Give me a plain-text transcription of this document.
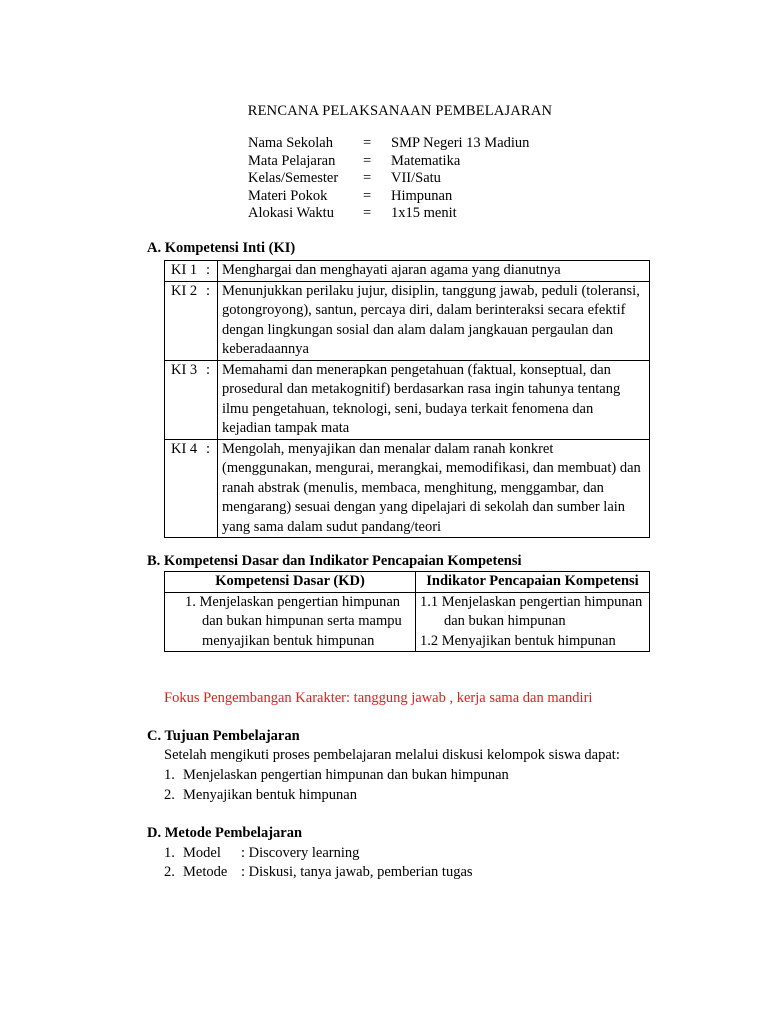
RENCANA PELAKSANAAN PEMBELAJARAN
Nama Sekolah	=	SMP Negeri 13 Madiun
Mata Pelajaran	=	Matematika
Kelas/Semester	=	VII/Satu
Materi Pokok	=	Himpunan
Alokasi Waktu	=	1x15 menit
A. Kompetensi Inti (KI)
KI 1	:	Menghargai dan menghayati ajaran agama yang dianutnya
KI 2	:	Menunjukkan perilaku jujur, disiplin, tanggung jawab, peduli (toleransi, gotongroyong), santun, percaya diri, dalam berinteraksi secara efektif dengan lingkungan sosial dan alam dalam jangkauan pergaulan dan keberadaannya
KI 3	:	Memahami dan menerapkan pengetahuan (faktual, konseptual, dan prosedural dan metakognitif) berdasarkan rasa ingin tahunya tentang ilmu pengetahuan, teknologi, seni, budaya terkait fenomena dan kejadian tampak mata
KI 4	:	Mengolah, menyajikan dan menalar dalam ranah konkret (menggunakan, mengurai, merangkai, memodifikasi, dan membuat) dan ranah abstrak (menulis, membaca, menghitung, menggambar, dan mengarang) sesuai dengan yang dipelajari di sekolah dan sumber lain yang sama dalam sudut pandang/teori
B. Kompetensi Dasar dan Indikator Pencapaian Kompetensi
Kompetensi Dasar (KD)	Indikator Pencapaian Kompetensi

1. Menjelaskan pengertian himpunan dan bukan himpunan serta mampu menyajikan bentuk himpunan	1.1 Menjelaskan pengertian himpunan dan bukan himpunan
1.2 Menyajikan bentuk himpunan
Fokus Pengembangan Karakter: tanggung jawab , kerja sama dan mandiri
C. Tujuan Pembelajaran
Setelah mengikuti proses pembelajaran melalui diskusi kelompok siswa dapat:
1. Menjelaskan pengertian himpunan dan bukan himpunan
2. Menyajikan bentuk himpunan
D. Metode Pembelajaran
1. Model	: Discovery learning
2. Metode : Diskusi, tanya jawab, pemberian tugas
